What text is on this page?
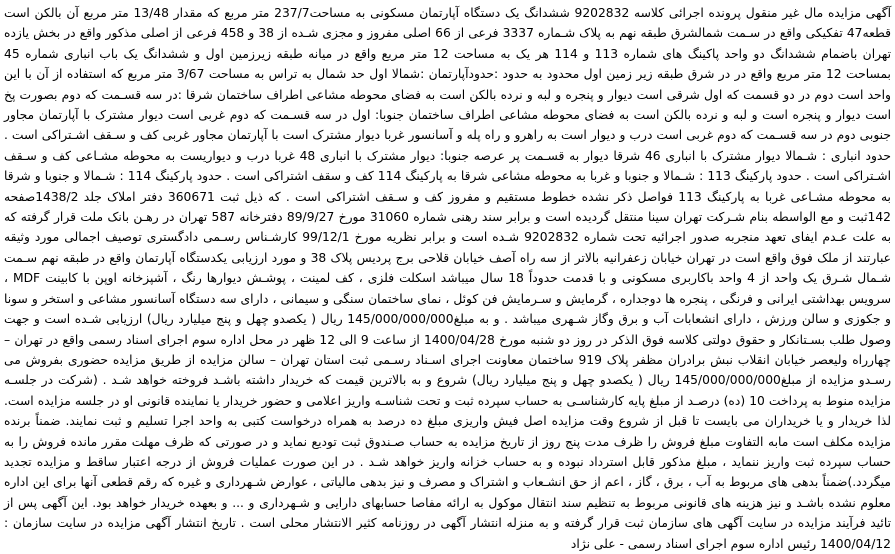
آگهی مزایده مال غیر منقول پرونده اجرائی کلاسه 9202832 ششدانگ یک دستگاه آپارتمان مسکونی به مساحت237/7 متر مربع که مقدار 13/48 متر مربع آن بالکن است قطعه47 تفکیکی واقع در سـمت شمالشرق طبقه نهم به پلاک شـماره 3337 فرعی از 66 اصلی مفروز و مجزی شـده از 38 و 458 فرعی از اصلی مذکور واقع در بخش یازده تهران باضمام ششدانگ دو واحد پاکینگ های شماره 113 و 114 هر یک به مساحت 12 متر مربع واقع در میانه طبقه زیرزمین اول و ششدانگ یک باب انباری شماره 45 بمساحت 12 متر مربع واقع در در شرق طبقه زیر زمین اول محدود به حدود :حدودآپارتمان :شمالا اول حد شمال به تراس به مساحت 3/67 متر مربع که استفاده از آن با این واحد است دوم در دو قسمت که اول شرقی است دیوار و پنجره و لبه و نرده بالکن است به فضای محوطه مشاعی اطراف ساختمان شرقا :در سه قسـمت که دوم بصورت پخ است دیوار و پنجره است و لبه و نرده بالکن است به فضای محوطه مشاعی اطراف ساختمان جنوبا: اول در سه قسـمت که دوم غربی است دیوار مشترک با آپارتمان مجاور جنوبی دوم در سه قسـمت که دوم غربی است درب و دیوار است به راهرو و راه پله و آسانسور غربا دیوار مشترک است با آپارتمان مجاور غربی کف و سـقف اشـتراکی است . حدود انباری : شـمالا دیوار مشترک با انباری 46 شرقا دیوار به قسـمت پر عرصه جنوبا: دیوار مشترک با انباری 48 غربا درب و دیواریست به محوطه مشـاعی کف و سـقف اشـتراکی است . حدود پارکینگ 113 : شـمالا و جنوبا و غربا به محوطه مشاعی شرقا به پارکینگ 114 کف و سقف اشتراکی است . حدود پارکینگ 114 : شـمالا و جنوبا و شرقا به محوطه مشـاعی غربا به پارکینگ 113 فواصل ذکر نشده خطوط مستقیم و مفروز کف و سـقف اشتراکی است . که ذیل ثبت 360671 دفتر املاک جلد 1438/2صفحه 142ثبت و مع الواسطه بنام شـرکت تهران سینا منتقل گردیده است و برابر سند رهنی شماره 31060 مورخ 89/9/27 دفترخانه 587 تهران در رهـن بانک ملت قرار گرفته که به علت عـدم ایفای تعهد منجربه صدور اجرائیه تحت شماره 9202832 شـده است و برابر نظریه مورخ 99/12/1 کارشـناس رسـمی دادگستری توصیف اجمالی مورد وثیقه عبارتند از ملک فوق واقع است در تهران خیابان زعفرانیه بالاتر از سه راه آصف خیابان قلاحی برج پردیس پلاک 38 و مورد ارزیابی یکدستگاه آپارتمان واقع در طبقه نهم سـمت شـمال شـرق یک واحد از 4 واحد باکاربری مسکونی و با قدمت حدوداً 18 سال میباشد اسکلت فلزی ، کف لمینت ، پوشـش دیوارها رنگ ، آشپزخانه اوپن با کابینت MDF ، سرویس بهداشتی ایرانی و فرنگی ، پنجره ها دوجداره ، گرمایش و سـرمایش فن کوئل ، نمای ساختمان سنگی و سیمانی ، دارای سه دستگاه آسانسور مشاعی و استخر و سونا و جکوزی و سالن ورزش ، دارای انشعابات آب و برق وگاز شـهری میباشد . و به مبلغ145/000/000/000 ریال ( یکصدو چهل و پنج میلیارد ریال) ارزیابی شـده است و جهت وصول طلب بسـتانکار و حقوق دولتی کلاسه فوق الذکر در روز دو شنبه مورخ 1400/04/28 از ساعت 9 الی 12 ظهر در محل اداره سوم اجرای اسناد رسمی واقع در تهران – چهارراه ولیعصر خیابان انقلاب نبش برادران مظفر پلاک 919 ساختمان معاونت اجرای اسـناد رسـمی ثبت استان تهران – سالن مزایده از طریق مزایده حضوری بفروش می رسـدو مزایده از مبلغ145/000/000/000 ریال ( یکصدو چهل و پنج میلیارد ریال) شروع و به بالاترین قیمت که خریدار داشته باشـد فروخته خواهد شـد . (شرکت در جلسـه مزایده منوط به پرداخت 10 (ده) درصـد از مبلغ پایه کارشناسـی به حساب سپرده ثبت و تحت شناسـه واریز اعلامی و حضور خریدار یا نماینده قانونی او در جلسه مزایده است. لذا خریدار و یا خریداران می بایست تا قبل از شروع وقت مزایده اصل فیش واریزی مبلغ ده درصد به همراه درخواست کتبی به واحد اجرا تسلیم و ثبت نمایند. ضمناً برنده مزایده مکلف است مابه التفاوت مبلغ فروش را ظرف مدت پنج روز از تاریخ مزایده به حساب صـندوق ثبت تودیع نماید و در صورتی که ظرف مهلت مقرر مانده فروش را به حساب سپرده ثبت واریز ننماید ، مبلغ مذکور قابل استرداد نبوده و به حساب خزانه واریز خواهد شـد . در این صورت عملیات فروش از درجه اعتبار ساقط و مزایده تجدید میگردد.)ضمناً بدهی های مربوط به آب ، برق ، گاز ، اعم از حق انشـعاب و اشتراک و مصرف و نیز بدهی مالیاتی ، عوارض شـهرداری و غیره که رقم قطعی آنها برای این اداره معلوم نشده باشـد و نیز هزینه های قانونی مربوط به تنظیم سند انتقال موکول به ارائه مفاصا حسابهای دارایی و شـهرداری و ... و بعهده خریدار خواهد بود. این آگهی پس از تائید فرآیند مزایده در سایت آگهی های سازمان ثبت قرار گرفته و به منزله انتشار آگهی در روزنامه کثیر الانتشار محلی است . تاریخ انتشار آگهی مزایده در سایت سازمان : 1400/04/12 رئیس اداره سوم اجرای اسناد رسمی - علی نژاد
